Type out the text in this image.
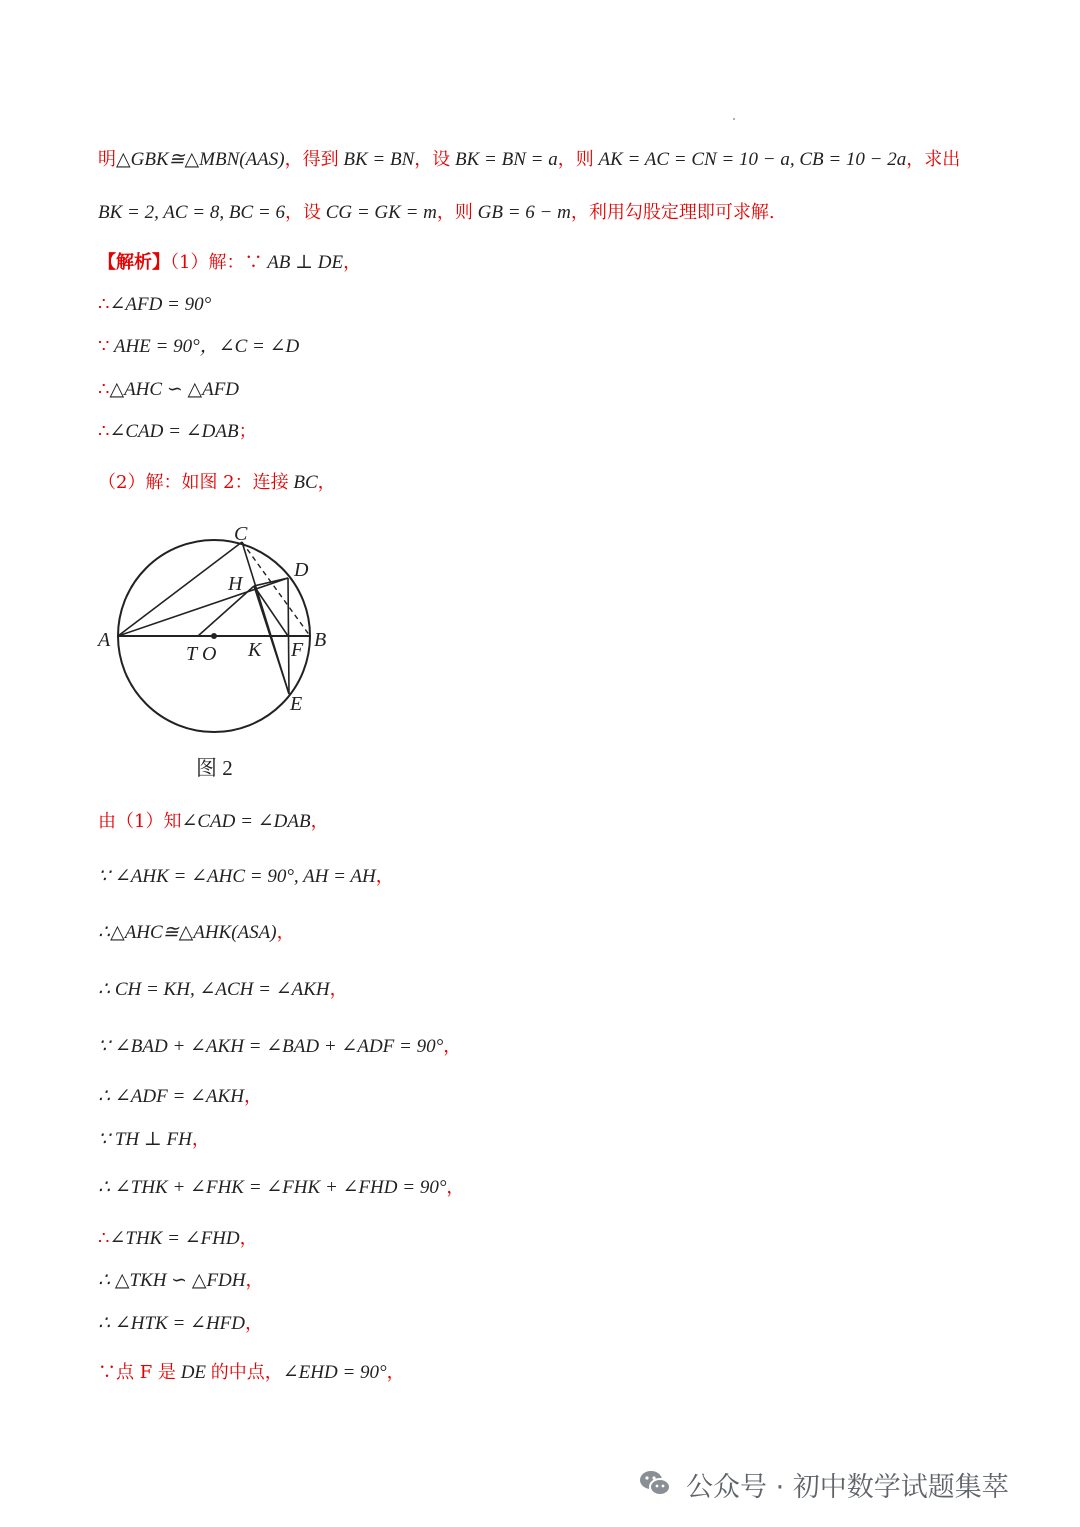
明△GBK≅△MBN(AAS)，得到 BK = BN，设 BK = BN = a，则 AK = AC = CN = 10 − a, CB = 10 − 2a，求出
BK = 2, AC = 8, BC = 6，设 CG = GK = m，则 GB = 6 − m，利用勾股定理即可求解.
【解析】（1）解：∵ AB ⊥ DE，
∴∠AFD = 90°
∵ AHE = 90°，∠C = ∠D
∴△AHC ∽ △AFD
∴∠CAD = ∠DAB；
（2）解：如图 2：连接 BC，
由（1）知∠CAD = ∠DAB，
∵ ∠AHK = ∠AHC = 90°, AH = AH，
∴△AHC≅△AHK(ASA)，
∴ CH = KH, ∠ACH = ∠AKH，
∵ ∠BAD + ∠AKH = ∠BAD + ∠ADF = 90°，
∴ ∠ADF = ∠AKH，
∵ TH ⊥ FH，
∴ ∠THK + ∠FHK = ∠FHK + ∠FHD = 90°，
∴∠THK = ∠FHD，
∴ △TKH ∽ △FDH，
∴ ∠HTK = ∠HFD，
∵点 F 是 DE 的中点，∠EHD = 90°，
C
D
H
A	B
T O K F
E
图 2
公众号 · 初中数学试题集萃
